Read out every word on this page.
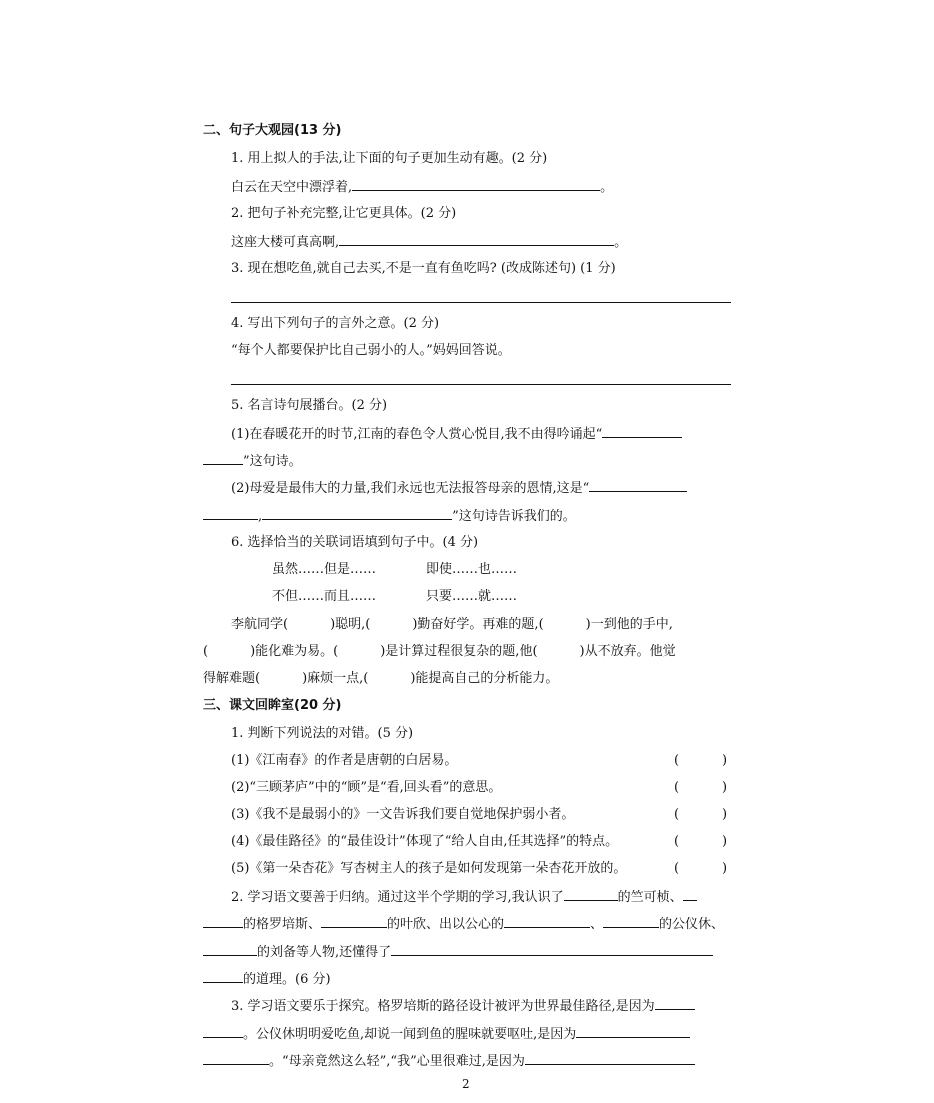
二、句子大观园(13 分)
1. 用上拟人的手法,让下面的句子更加生动有趣。(2 分)
白云在天空中漂浮着,	。
2. 把句子补充完整,让它更具体。(2 分)
这座大楼可真高啊,	。
3. 现在想吃鱼,就自己去买,不是一直有鱼吃吗? (改成陈述句) (1 分)
4. 写出下列句子的言外之意。(2 分)
“每个人都要保护比自己弱小的人。”妈妈回答说。
5. 名言诗句展播台。(2 分)
(1)在春暖花开的时节,江南的春色令人赏心悦目,我不由得吟诵起“
”这句诗。
(2)母爱是最伟大的力量,我们永远也无法报答母亲的恩情,这是“
,	”这句诗告诉我们的。
6. 选择恰当的关联词语填到句子中。(4 分)
虽然……但是……	即使……也……
不但……而且……	只要……就……
李航同学(	)聪明,(	)勤奋好学。再难的题,(	)一到他的手中,
(	)能化难为易。(	)是计算过程很复杂的题,他(	)从不放弃。他觉
得解难题(	)麻烦一点,(	)能提高自己的分析能力。
三、课文回眸室(20 分)
1. 判断下列说法的对错。(5 分)
(1)《江南春》的作者是唐朝的白居易。	(	)
(2)“三顾茅庐”中的“顾”是“看,回头看”的意思。	(	)
(3)《我不是最弱小的》一文告诉我们要自觉地保护弱小者。	(	)
(4)《最佳路径》的“最佳设计”体现了“给人自由,任其选择”的特点。	(	)
(5)《第一朵杏花》写杏树主人的孩子是如何发现第一朵杏花开放的。	(	)
2. 学习语文要善于归纳。通过这半个学期的学习,我认识了	的竺可桢、
的格罗培斯、	的叶欣、出以公心的	、	的公仪休、
的刘备等人物,还懂得了
的道理。(6 分)
3. 学习语文要乐于探究。格罗培斯的路径设计被评为世界最佳路径,是因为
。公仪休明明爱吃鱼,却说一闻到鱼的腥味就要呕吐,是因为
。“母亲竟然这么轻”,“我”心里很难过,是因为
2
